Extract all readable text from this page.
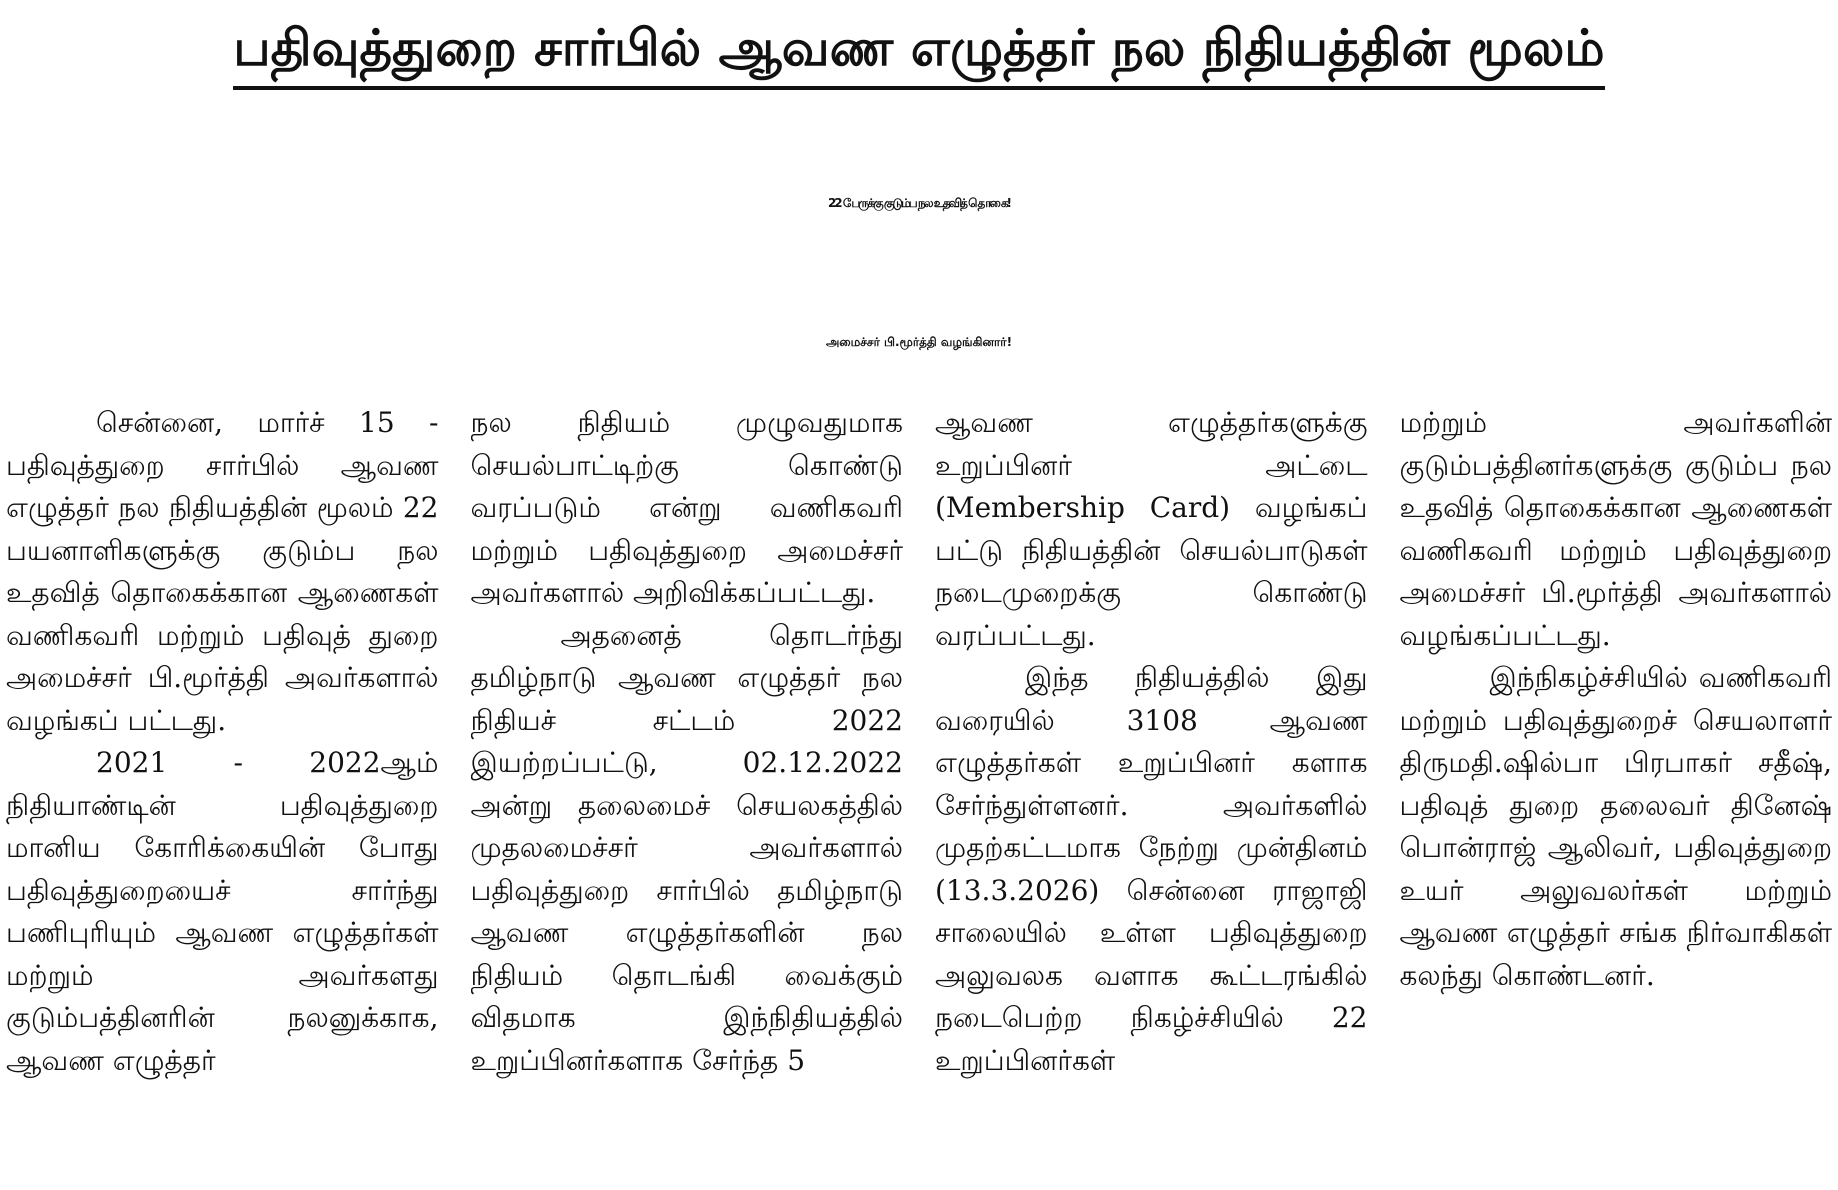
பதிவுத்துறை சார்பில் ஆவண எழுத்தர் நல நிதியத்தின் மூலம்
22 பேருக்கு குடும்ப நல உதவித் தொகை!
அமைச்சர் பி.மூர்த்தி வழங்கினார்!

சென்னை, மார்ச் 15 - பதிவுத்துறை சார்பில் ஆவண எழுத்தர் நல நிதியத்தின் மூலம் 22 பயனாளிகளுக்கு குடும்ப நல உதவித் தொகைக்கான ஆணைகள் வணிகவரி மற்றும் பதிவுத் துறை அமைச்சர் பி.மூர்த்தி அவர்களால் வழங்கப் பட்டது.

2021 - 2022ஆம் நிதியாண்டின் பதிவுத்துறை மானிய கோரிக்கையின் போது பதிவுத்துறையைச் சார்ந்து பணிபுரியும் ஆவண எழுத்தர்கள் மற்றும் அவர்களது குடும்பத்தினரின் நலனுக்காக, ஆவண எழுத்தர்

நல நிதியம் முழுவதுமாக செயல்பாட்டிற்கு கொண்டு வரப்படும் என்று வணிகவரி மற்றும் பதிவுத்துறை அமைச்சர் அவர்களால் அறிவிக்கப்பட்டது.

அதனைத் தொடர்ந்து தமிழ்நாடு ஆவண எழுத்தர் நல நிதியச் சட்டம் 2022 இயற்றப்பட்டு, 02.12.2022 அன்று தலைமைச் செயலகத்தில் முதலமைச்சர் அவர்களால் பதிவுத்துறை சார்பில் தமிழ்நாடு ஆவண எழுத்தர்களின் நல நிதியம் தொடங்கி வைக்கும் விதமாக இந்நிதியத்தில் உறுப்பினர்களாக சேர்ந்த 5

ஆவண எழுத்தர்களுக்கு உறுப்பினர் அட்டை (Membership Card) வழங்கப் பட்டு நிதியத்தின் செயல்பாடுகள் நடைமுறைக்கு கொண்டு வரப்பட்டது.

இந்த நிதியத்தில் இது வரையில் 3108 ஆவண எழுத்தர்கள் உறுப்பினர் களாக சேர்ந்துள்ளனர். அவர்களில் முதற்கட்டமாக நேற்று முன்தினம் (13.3.2026) சென்னை ராஜாஜி சாலையில் உள்ள பதிவுத்துறை அலுவலக வளாக கூட்டரங்கில் நடைபெற்ற நிகழ்ச்சியில் 22 உறுப்பினர்கள்

மற்றும் அவர்களின் குடும்பத்தினர்களுக்கு குடும்ப நல உதவித் தொகைக்கான ஆணைகள் வணிகவரி மற்றும் பதிவுத்துறை அமைச்சர் பி.மூர்த்தி அவர்களால் வழங்கப்பட்டது.

இந்நிகழ்ச்சியில் வணிகவரி மற்றும் பதிவுத்துறைச் செயலாளர் திருமதி.ஷில்பா பிரபாகர் சதீஷ், பதிவுத் துறை தலைவர் தினேஷ் பொன்ராஜ் ஆலிவர், பதிவுத்துறை உயர் அலுவலர்கள் மற்றும் ஆவண எழுத்தர் சங்க நிர்வாகிகள் கலந்து கொண்டனர்.
